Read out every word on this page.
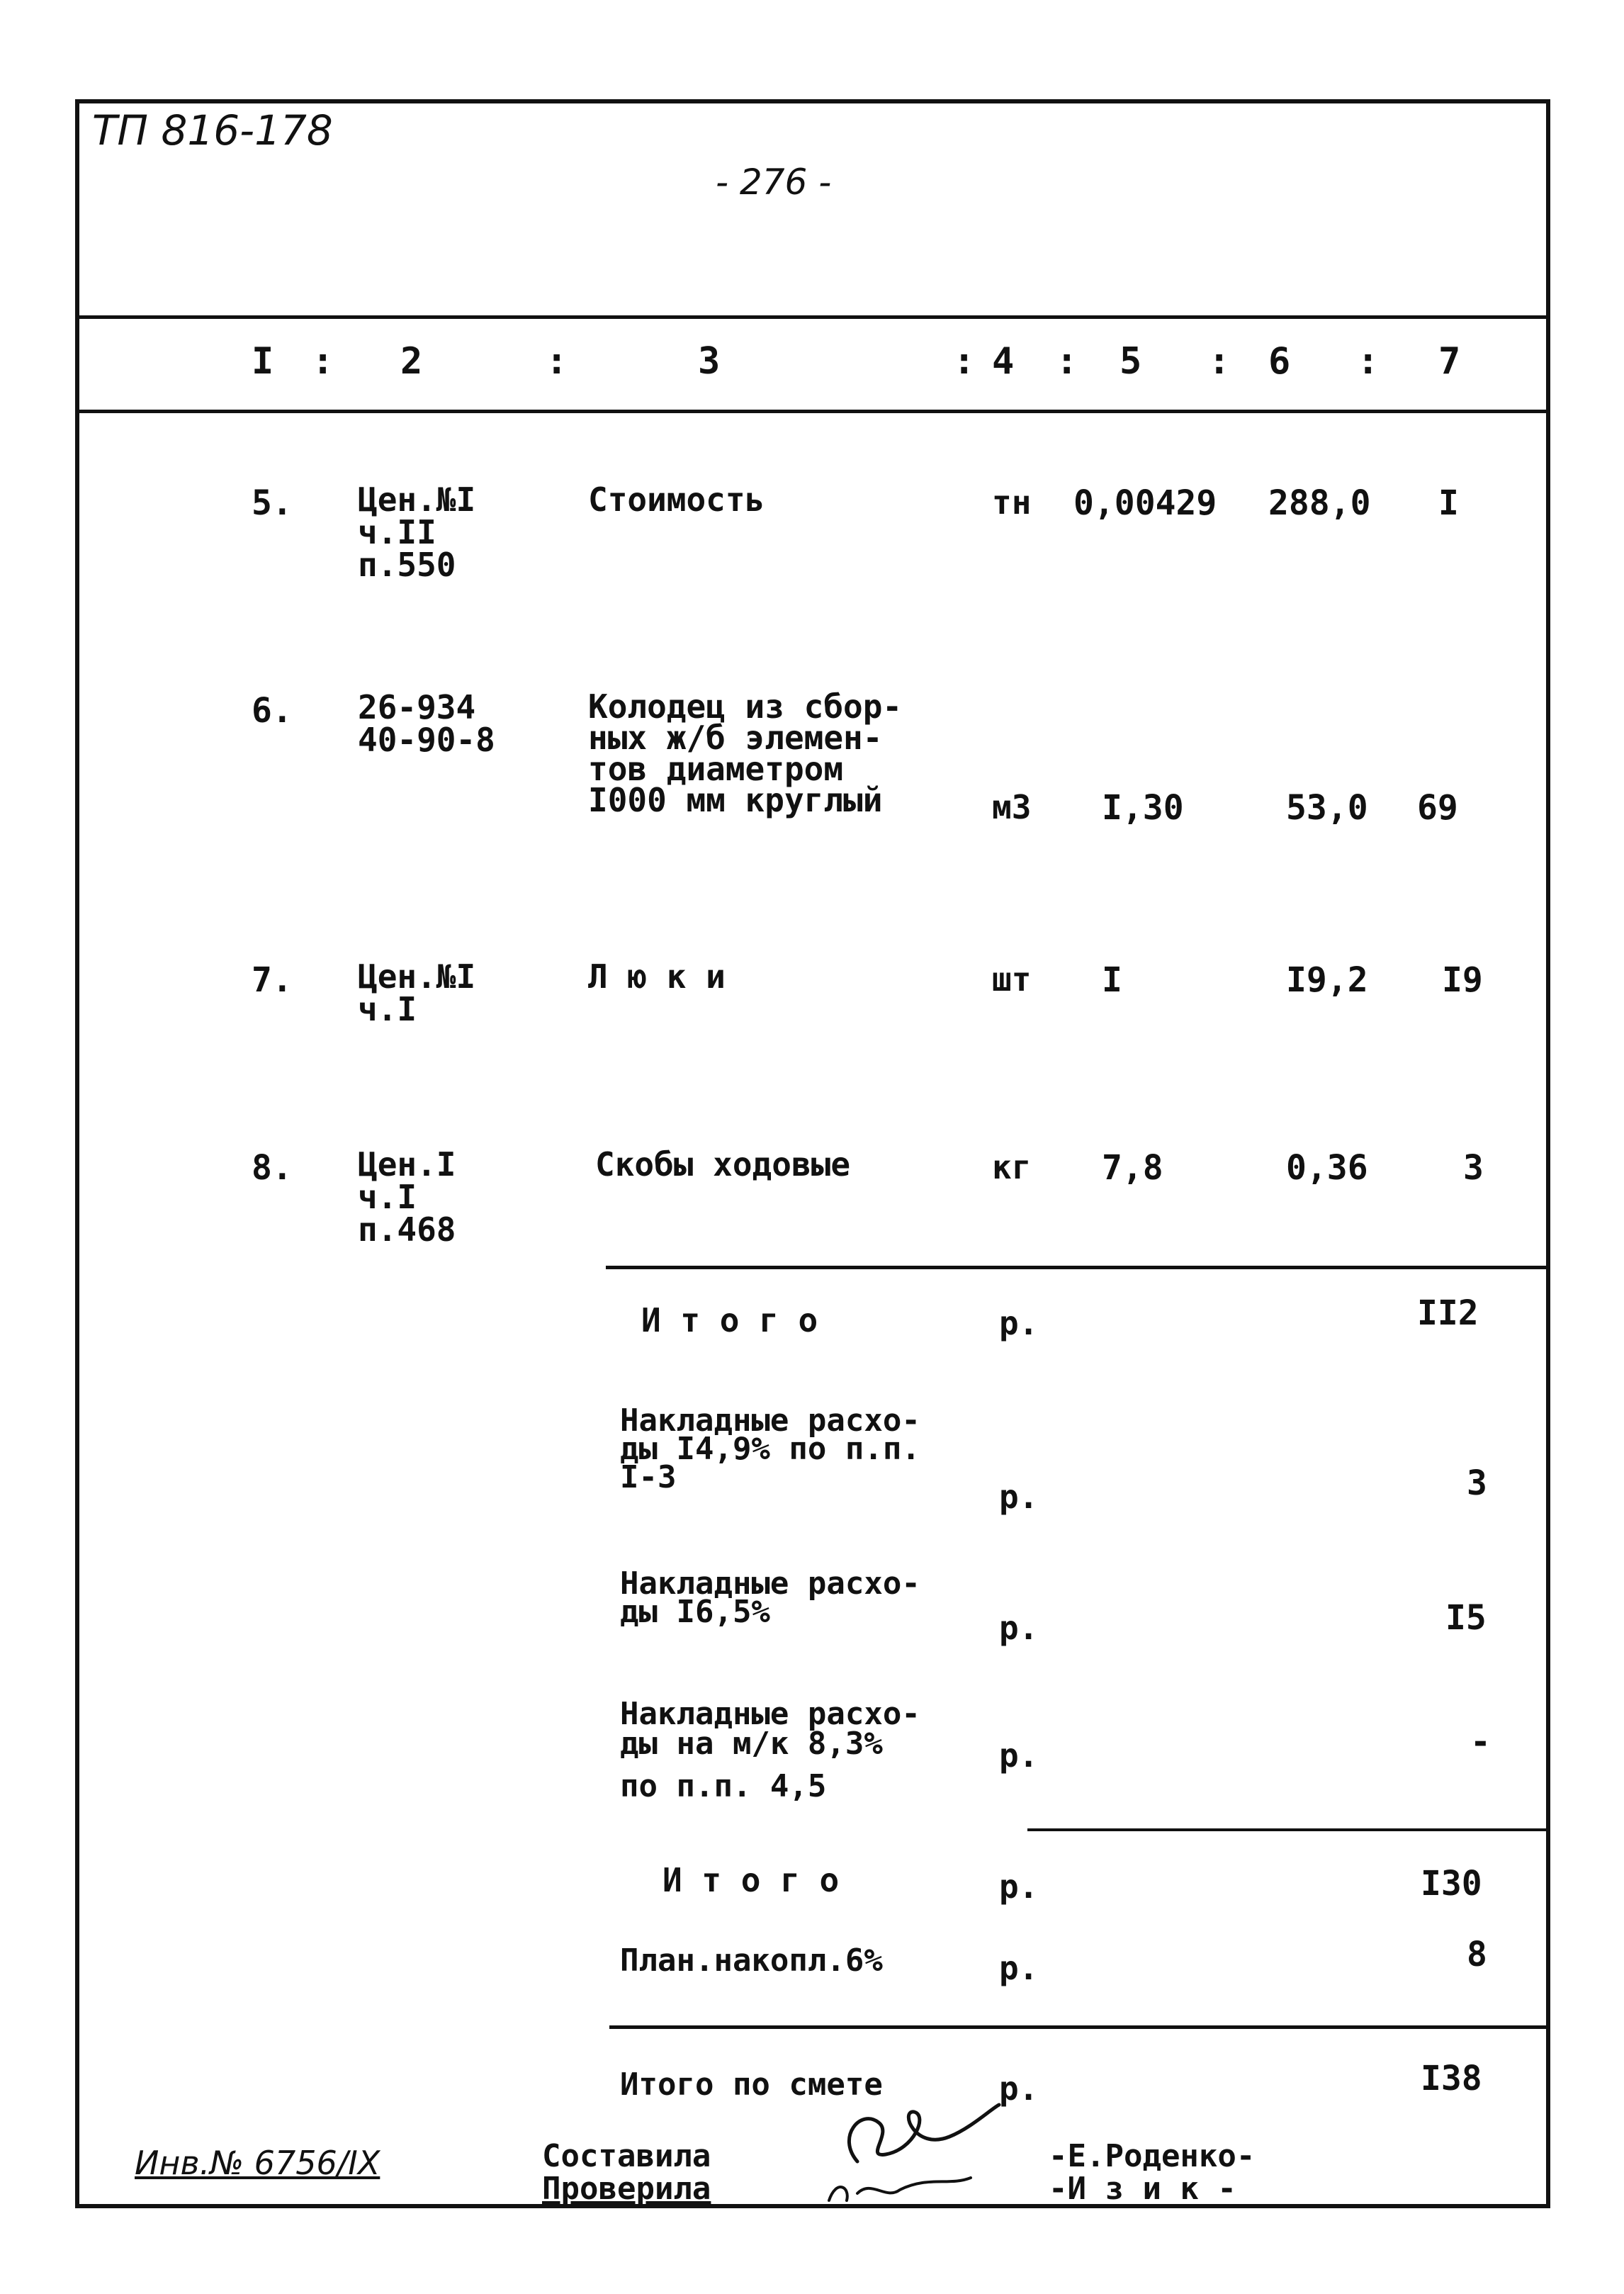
ТП 816-178
- 276 -
I : 2	:	3	: 4 : 5 : 6 : 7
5. Цен.№I
ч.II
п.550
Стоимость	тн 0,00429 288,0 I
6. 26-934
40-90-8
Колодец из сбор-
ных ж/б элемен-
тов диаметром
I000 мм круглый	м3 I,30	53,0 69
7. Цен.№I
ч.I
Л ю к и	шт I	I9,2 I9
8. Цен.I
ч.I
п.468
Скобы ходовые	кг 7,8	0,36	3
И т о г о	р.	II2
Накладные расхо-
ды I4,9% по п.п.
I-3
р.	3
Накладные расхо-
ды I6,5%	р.	I5
Накладные расхо-
ды на м/к 8,3%
по п.п. 4,5
р.	-
И т о г о	р.	I30
План.накопл.6%	р.	8
Итого по смете	р.	I38
Инв.№ 6756/IX	Составила
Проверила
-Е.Роденко-
-И з и к -
